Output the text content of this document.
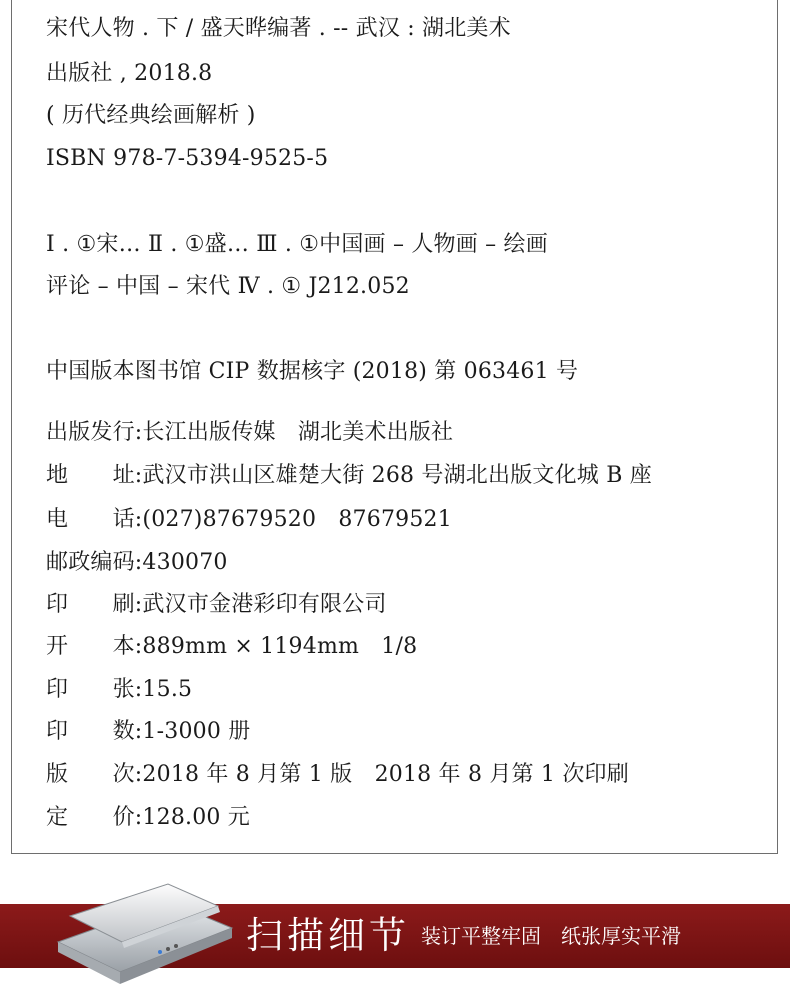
宋代人物 . 下 / 盛天晔编著 . -- 武汉 : 湖北美术
出版社 , 2018.8
( 历代经典绘画解析 )
ISBN 978-7-5394-9525-5
Ⅰ . ①宋… Ⅱ . ①盛… Ⅲ . ①中国画 – 人物画 – 绘画
评论 – 中国 – 宋代 Ⅳ . ① J212.052
中国版本图书馆 CIP 数据核字 (2018) 第 063461 号
出版发行:长江出版传媒　湖北美术出版社
地　　址:武汉市洪山区雄楚大街 268 号湖北出版文化城 B 座
电　　话:(027)87679520　87679521
邮政编码:430070
印　　刷:武汉市金港彩印有限公司
开　　本:889mm × 1194mm　1/8
印　　张:15.5
印　　数:1-3000 册
版　　次:2018 年 8 月第 1 版　2018 年 8 月第 1 次印刷
定　　价:128.00 元
扫描细节 装订平整牢固　纸张厚实平滑
